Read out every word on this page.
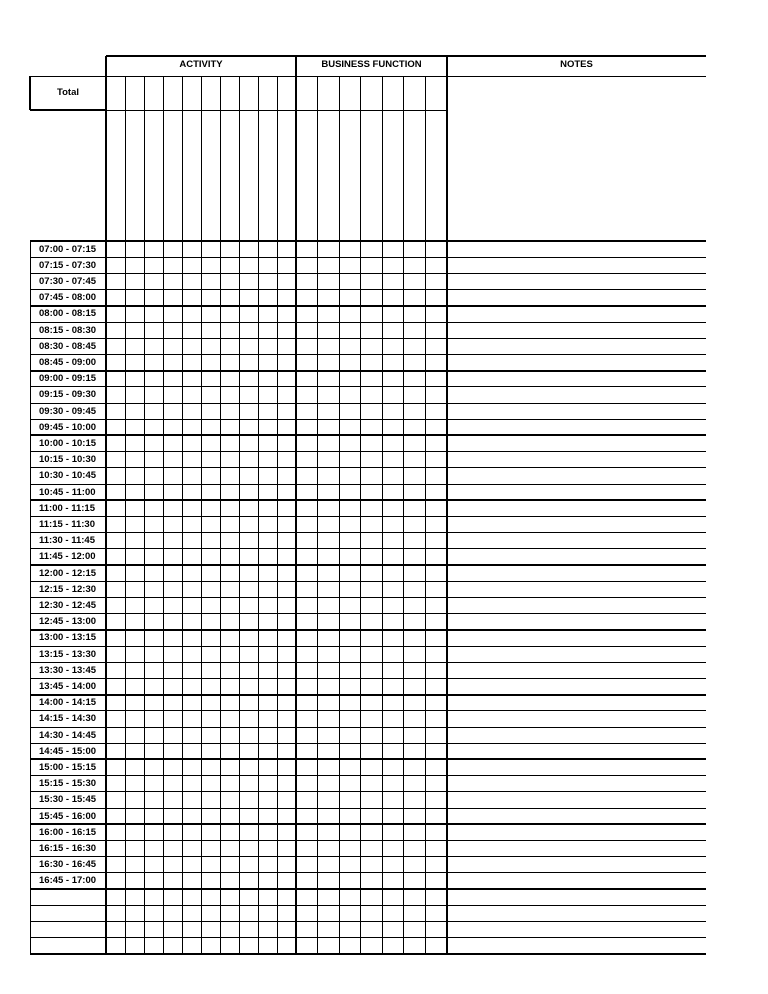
ACTIVITY	BUSINESS FUNCTION	NOTES
Total
07:00 - 07:15
07:15 - 07:30
07:30 - 07:45
07:45 - 08:00
08:00 - 08:15
08:15 - 08:30
08:30 - 08:45
08:45 - 09:00
09:00 - 09:15
09:15 - 09:30
09:30 - 09:45
09:45 - 10:00
10:00 - 10:15
10:15 - 10:30
10:30 - 10:45
10:45 - 11:00
11:00 - 11:15
11:15 - 11:30
11:30 - 11:45
11:45 - 12:00
12:00 - 12:15
12:15 - 12:30
12:30 - 12:45
12:45 - 13:00
13:00 - 13:15
13:15 - 13:30
13:30 - 13:45
13:45 - 14:00
14:00 - 14:15
14:15 - 14:30
14:30 - 14:45
14:45 - 15:00
15:00 - 15:15
15:15 - 15:30
15:30 - 15:45
15:45 - 16:00
16:00 - 16:15
16:15 - 16:30
16:30 - 16:45
16:45 - 17:00
